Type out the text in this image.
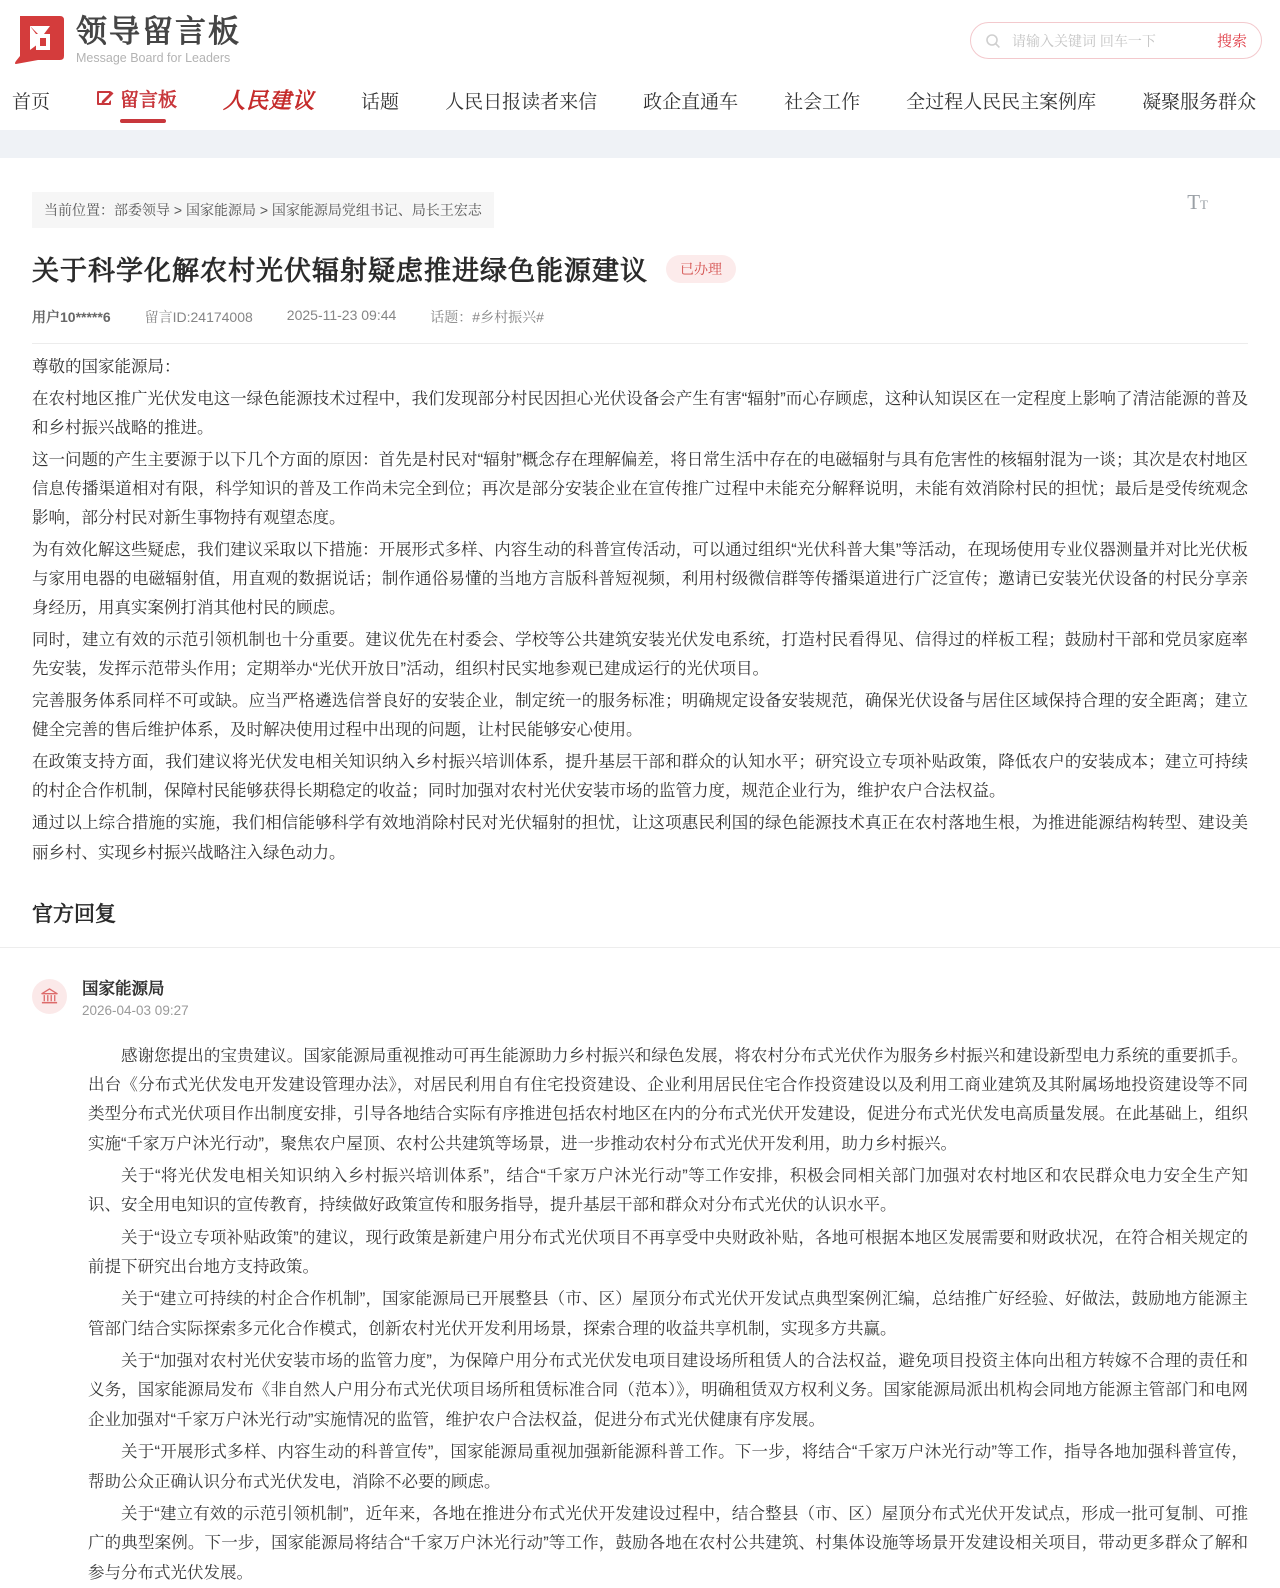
领导留言板
Message Board for Leaders
请输入关键词 回车一下
搜索
首页	留言板 人民建议 话题 人民日报读者来信 政企直通车 社会工作 全过程人民民主案例库 凝聚服务群众
当前位置：部委领导 > 国家能源局 > 国家能源局党组书记、局长王宏志	TT
关于科学化解农村光伏辐射疑虑推进绿色能源建议	已办理
用户10*****6 留言ID:24174008 2025-11-23 09:44 话题：#乡村振兴#

尊敬的国家能源局：

在农村地区推广光伏发电这一绿色能源技术过程中，我们发现部分村民因担心光伏设备会产生有害“辐射”而心存顾虑，这种认知误区在一定程度上影响了清洁能源的普及和乡村振兴战略的推进。

这一问题的产生主要源于以下几个方面的原因：首先是村民对“辐射”概念存在理解偏差，将日常生活中存在的电磁辐射与具有危害性的核辐射混为一谈；其次是农村地区信息传播渠道相对有限，科学知识的普及工作尚未完全到位；再次是部分安装企业在宣传推广过程中未能充分解释说明，未能有效消除村民的担忧；最后是受传统观念影响，部分村民对新生事物持有观望态度。

为有效化解这些疑虑，我们建议采取以下措施：开展形式多样、内容生动的科普宣传活动，可以通过组织“光伏科普大集”等活动，在现场使用专业仪器测量并对比光伏板与家用电器的电磁辐射值，用直观的数据说话；制作通俗易懂的当地方言版科普短视频，利用村级微信群等传播渠道进行广泛宣传；邀请已安装光伏设备的村民分享亲身经历，用真实案例打消其他村民的顾虑。

同时，建立有效的示范引领机制也十分重要。建议优先在村委会、学校等公共建筑安装光伏发电系统，打造村民看得见、信得过的样板工程；鼓励村干部和党员家庭率先安装，发挥示范带头作用；定期举办“光伏开放日”活动，组织村民实地参观已建成运行的光伏项目。

完善服务体系同样不可或缺。应当严格遴选信誉良好的安装企业，制定统一的服务标准；明确规定设备安装规范，确保光伏设备与居住区域保持合理的安全距离；建立健全完善的售后维护体系，及时解决使用过程中出现的问题，让村民能够安心使用。

在政策支持方面，我们建议将光伏发电相关知识纳入乡村振兴培训体系，提升基层干部和群众的认知水平；研究设立专项补贴政策，降低农户的安装成本；建立可持续的村企合作机制，保障村民能够获得长期稳定的收益；同时加强对农村光伏安装市场的监管力度，规范企业行为，维护农户合法权益。

通过以上综合措施的实施，我们相信能够科学有效地消除村民对光伏辐射的担忧，让这项惠民利国的绿色能源技术真正在农村落地生根，为推进能源结构转型、建设美丽乡村、实现乡村振兴战略注入绿色动力。

官方回复
国家能源局
2026-04-03 09:27

感谢您提出的宝贵建议。国家能源局重视推动可再生能源助力乡村振兴和绿色发展，将农村分布式光伏作为服务乡村振兴和建设新型电力系统的重要抓手。出台《分布式光伏发电开发建设管理办法》，对居民利用自有住宅投资建设、企业利用居民住宅合作投资建设以及利用工商业建筑及其附属场地投资建设等不同类型分布式光伏项目作出制度安排，引导各地结合实际有序推进包括农村地区在内的分布式光伏开发建设，促进分布式光伏发电高质量发展。在此基础上，组织实施“千家万户沐光行动”，聚焦农户屋顶、农村公共建筑等场景，进一步推动农村分布式光伏开发利用，助力乡村振兴。

关于“将光伏发电相关知识纳入乡村振兴培训体系”，结合“千家万户沐光行动”等工作安排，积极会同相关部门加强对农村地区和农民群众电力安全生产知识、安全用电知识的宣传教育，持续做好政策宣传和服务指导，提升基层干部和群众对分布式光伏的认识水平。

关于“设立专项补贴政策”的建议，现行政策是新建户用分布式光伏项目不再享受中央财政补贴，各地可根据本地区发展需要和财政状况，在符合相关规定的前提下研究出台地方支持政策。

关于“建立可持续的村企合作机制”，国家能源局已开展整县（市、区）屋顶分布式光伏开发试点典型案例汇编，总结推广好经验、好做法，鼓励地方能源主管部门结合实际探索多元化合作模式，创新农村光伏开发利用场景，探索合理的收益共享机制，实现多方共赢。

关于“加强对农村光伏安装市场的监管力度”，为保障户用分布式光伏发电项目建设场所租赁人的合法权益，避免项目投资主体向出租方转嫁不合理的责任和义务，国家能源局发布《非自然人户用分布式光伏项目场所租赁标准合同（范本）》，明确租赁双方权利义务。国家能源局派出机构会同地方能源主管部门和电网企业加强对“千家万户沐光行动”实施情况的监管，维护农户合法权益，促进分布式光伏健康有序发展。

关于“开展形式多样、内容生动的科普宣传”，国家能源局重视加强新能源科普工作。下一步，将结合“千家万户沐光行动”等工作，指导各地加强科普宣传，帮助公众正确认识分布式光伏发电，消除不必要的顾虑。

关于“建立有效的示范引领机制”，近年来，各地在推进分布式光伏开发建设过程中，结合整县（市、区）屋顶分布式光伏开发试点，形成一批可复制、可推广的典型案例。下一步，国家能源局将结合“千家万户沐光行动”等工作，鼓励各地在农村公共建筑、村集体设施等场景开发建设相关项目，带动更多群众了解和参与分布式光伏发展。
